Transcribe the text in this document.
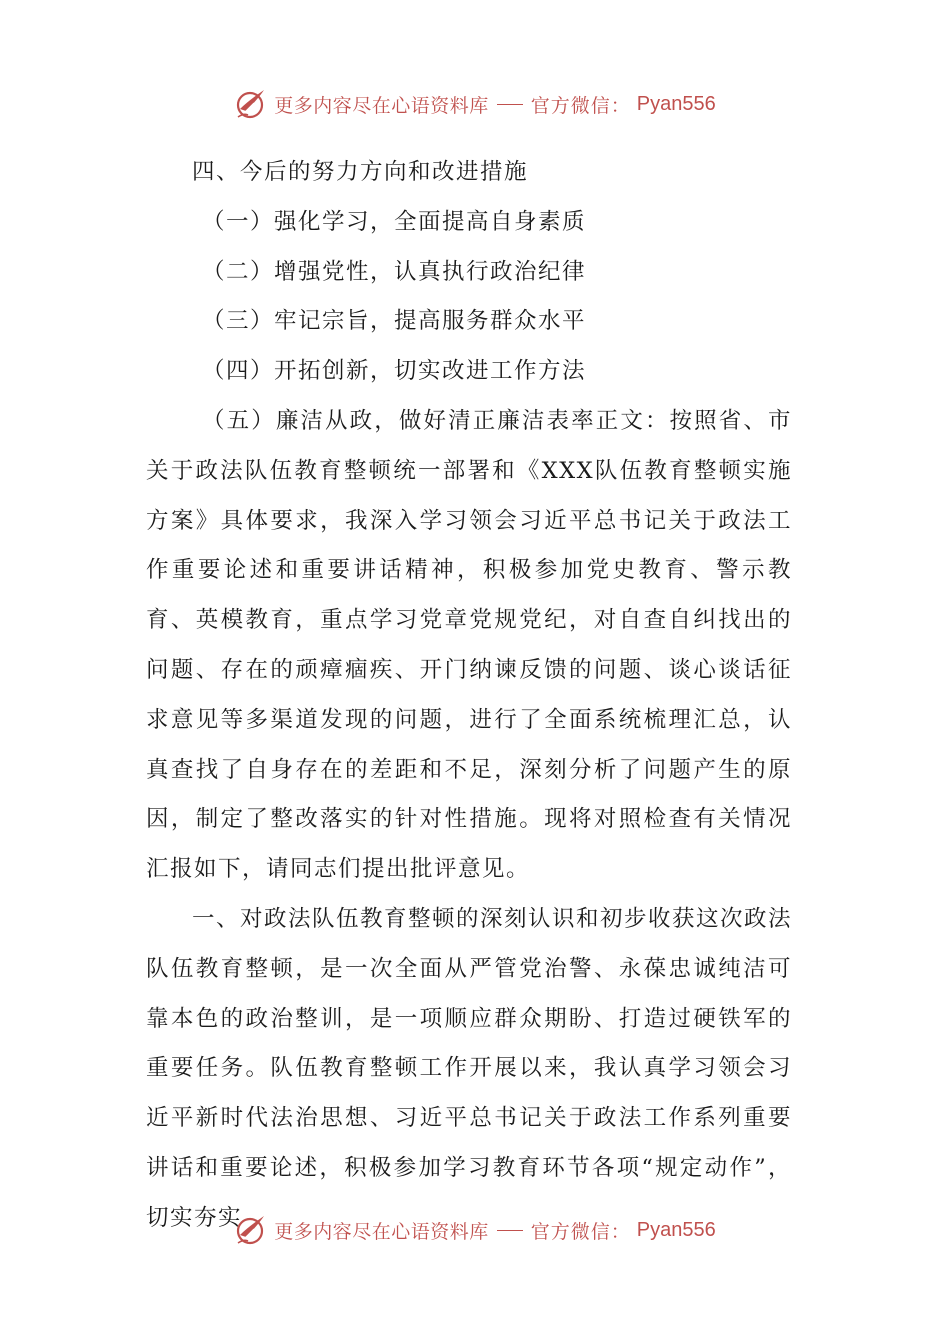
更多内容尽在心语资料库 官方微信： Pyan556

四、今后的努力方向和改进措施

（一）强化学习，全面提高自身素质

（二）增强党性，认真执行政治纪律

（三）牢记宗旨，提高服务群众水平

（四）开拓创新，切实改进工作方法

（五）廉洁从政，做好清正廉洁表率正文：按照省、市关于政法队伍教育整顿统一部署和《XXX队伍教育整顿实施方案》具体要求，我深入学习领会习近平总书记关于政法工作重要论述和重要讲话精神，积极参加党史教育、警示教育、英模教育，重点学习党章党规党纪，对自查自纠找出的问题、存在的顽瘴痼疾、开门纳谏反馈的问题、谈心谈话征求意见等多渠道发现的问题，进行了全面系统梳理汇总，认真查找了自身存在的差距和不足，深刻分析了问题产生的原因，制定了整改落实的针对性措施。现将对照检查有关情况汇报如下，请同志们提出批评意见。

一、对政法队伍教育整顿的深刻认识和初步收获这次政法队伍教育整顿，是一次全面从严管党治警、永葆忠诚纯洁可靠本色的政治整训，是一项顺应群众期盼、打造过硬铁军的重要任务。队伍教育整顿工作开展以来，我认真学习领会习近平新时代法治思想、习近平总书记关于政法工作系列重要讲话和重要论述，积极参加学习教育环节各项“规定动作”，切实夯实

更多内容尽在心语资料库 官方微信： Pyan556
